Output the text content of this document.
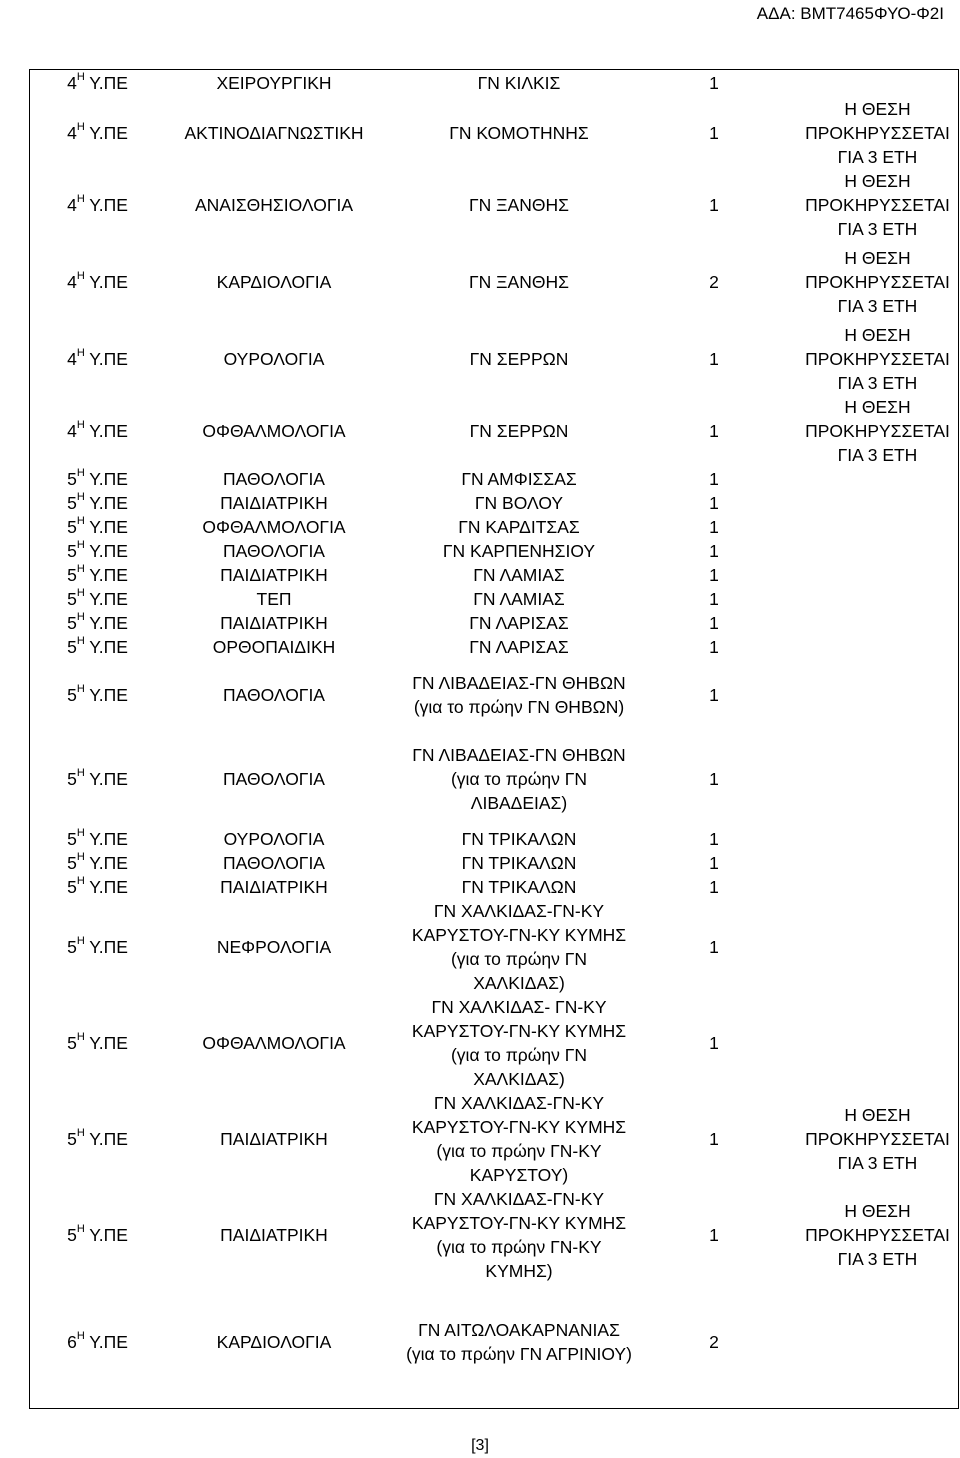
ΑΔΑ: ΒΜΤ7465ΦΥΟ-Φ2Ι
$4^H$ Υ.ΠΕ	ΧΕΙΡΟΥΡΓΙΚΗ	ΓΝ ΚΙΛΚΙΣ	1	
$4^H$ Υ.ΠΕ	ΑΚΤΙΝΟΔΙΑΓΝΩΣΤΙΚΗ	ΓΝ ΚΟΜΟΤΗΝΗΣ	1	Η ΘΕΣΗ ΠΡΟΚΗΡΥΣΣΕΤΑΙ ΓΙΑ 3 ΕΤΗ
$4^H$ Υ.ΠΕ	ΑΝΑΙΣΘΗΣΙΟΛΟΓΙΑ	ΓΝ ΞΑΝΘΗΣ	1	Η ΘΕΣΗ ΠΡΟΚΗΡΥΣΣΕΤΑΙ ΓΙΑ 3 ΕΤΗ
$4^H$ Υ.ΠΕ	ΚΑΡΔΙΟΛΟΓΙΑ	ΓΝ ΞΑΝΘΗΣ	2	Η ΘΕΣΗ ΠΡΟΚΗΡΥΣΣΕΤΑΙ ΓΙΑ 3 ΕΤΗ
$4^H$ Υ.ΠΕ	ΟΥΡΟΛΟΓΙΑ	ΓΝ ΣΕΡΡΩΝ	1	Η ΘΕΣΗ ΠΡΟΚΗΡΥΣΣΕΤΑΙ ΓΙΑ 3 ΕΤΗ
$4^H$ Υ.ΠΕ	ΟΦΘΑΛΜΟΛΟΓΙΑ	ΓΝ ΣΕΡΡΩΝ	1	Η ΘΕΣΗ ΠΡΟΚΗΡΥΣΣΕΤΑΙ ΓΙΑ 3 ΕΤΗ
$5^H$ Υ.ΠΕ	ΠΑΘΟΛΟΓΙΑ	ΓΝ ΑΜΦΙΣΣΑΣ	1	
$5^H$ Υ.ΠΕ	ΠΑΙΔΙΑΤΡΙΚΗ	ΓΝ ΒΟΛΟΥ	1	
$5^H$ Υ.ΠΕ	ΟΦΘΑΛΜΟΛΟΓΙΑ	ΓΝ ΚΑΡΔΙΤΣΑΣ	1	
$5^H$ Υ.ΠΕ	ΠΑΘΟΛΟΓΙΑ	ΓΝ ΚΑΡΠΕΝΗΣΙΟΥ	1	
$5^H$ Υ.ΠΕ	ΠΑΙΔΙΑΤΡΙΚΗ	ΓΝ ΛΑΜΙΑΣ	1	
$5^H$ Υ.ΠΕ	ΤΕΠ	ΓΝ ΛΑΜΙΑΣ	1	
$5^H$ Υ.ΠΕ	ΠΑΙΔΙΑΤΡΙΚΗ	ΓΝ ΛΑΡΙΣΑΣ	1	
$5^H$ Υ.ΠΕ	ΟΡΘΟΠΑΙΔΙΚΗ	ΓΝ ΛΑΡΙΣΑΣ	1	
$5^H$ Υ.ΠΕ	ΠΑΘΟΛΟΓΙΑ	ΓΝ ΛΙΒΑΔΕΙΑΣ-ΓΝ ΘΗΒΩΝ (για το πρώην ΓΝ ΘΗΒΩΝ)	1	
$5^H$ Υ.ΠΕ	ΠΑΘΟΛΟΓΙΑ	ΓΝ ΛΙΒΑΔΕΙΑΣ-ΓΝ ΘΗΒΩΝ (για το πρώην ΓΝ ΛΙΒΑΔΕΙΑΣ)	1	
$5^H$ Υ.ΠΕ	ΟΥΡΟΛΟΓΙΑ	ΓΝ ΤΡΙΚΑΛΩΝ	1	
$5^H$ Υ.ΠΕ	ΠΑΘΟΛΟΓΙΑ	ΓΝ ΤΡΙΚΑΛΩΝ	1	
$5^H$ Υ.ΠΕ	ΠΑΙΔΙΑΤΡΙΚΗ	ΓΝ ΤΡΙΚΑΛΩΝ	1	
$5^H$ Υ.ΠΕ	ΝΕΦΡΟΛΟΓΙΑ	ΓΝ ΧΑΛΚΙΔΑΣ-ΓΝ-ΚΥ ΚΑΡΥΣΤΟΥ-ΓΝ-ΚΥ ΚΥΜΗΣ (για το πρώην ΓΝ ΧΑΛΚΙΔΑΣ)	1	
$5^H$ Υ.ΠΕ	ΟΦΘΑΛΜΟΛΟΓΙΑ	ΓΝ ΧΑΛΚΙΔΑΣ- ΓΝ-ΚΥ ΚΑΡΥΣΤΟΥ-ΓΝ-ΚΥ ΚΥΜΗΣ (για το πρώην ΓΝ ΧΑΛΚΙΔΑΣ)	1	
$5^H$ Υ.ΠΕ	ΠΑΙΔΙΑΤΡΙΚΗ	ΓΝ ΧΑΛΚΙΔΑΣ-ΓΝ-ΚΥ ΚΑΡΥΣΤΟΥ-ΓΝ-ΚΥ ΚΥΜΗΣ (για το πρώην ΓΝ-ΚΥ ΚΑΡΥΣΤΟΥ)	1	Η ΘΕΣΗ ΠΡΟΚΗΡΥΣΣΕΤΑΙ ΓΙΑ 3 ΕΤΗ
$5^H$ Υ.ΠΕ	ΠΑΙΔΙΑΤΡΙΚΗ	ΓΝ ΧΑΛΚΙΔΑΣ-ΓΝ-ΚΥ ΚΑΡΥΣΤΟΥ-ΓΝ-ΚΥ ΚΥΜΗΣ (για το πρώην ΓΝ-ΚΥ ΚΥΜΗΣ)	1	Η ΘΕΣΗ ΠΡΟΚΗΡΥΣΣΕΤΑΙ ΓΙΑ 3 ΕΤΗ
$6^H$ Υ.ΠΕ	ΚΑΡΔΙΟΛΟΓΙΑ	ΓΝ ΑΙΤΩΛΟΑΚΑΡΝΑΝΙΑΣ (για το πρώην ΓΝ ΑΓΡΙΝΙΟΥ)	2	
[3]
